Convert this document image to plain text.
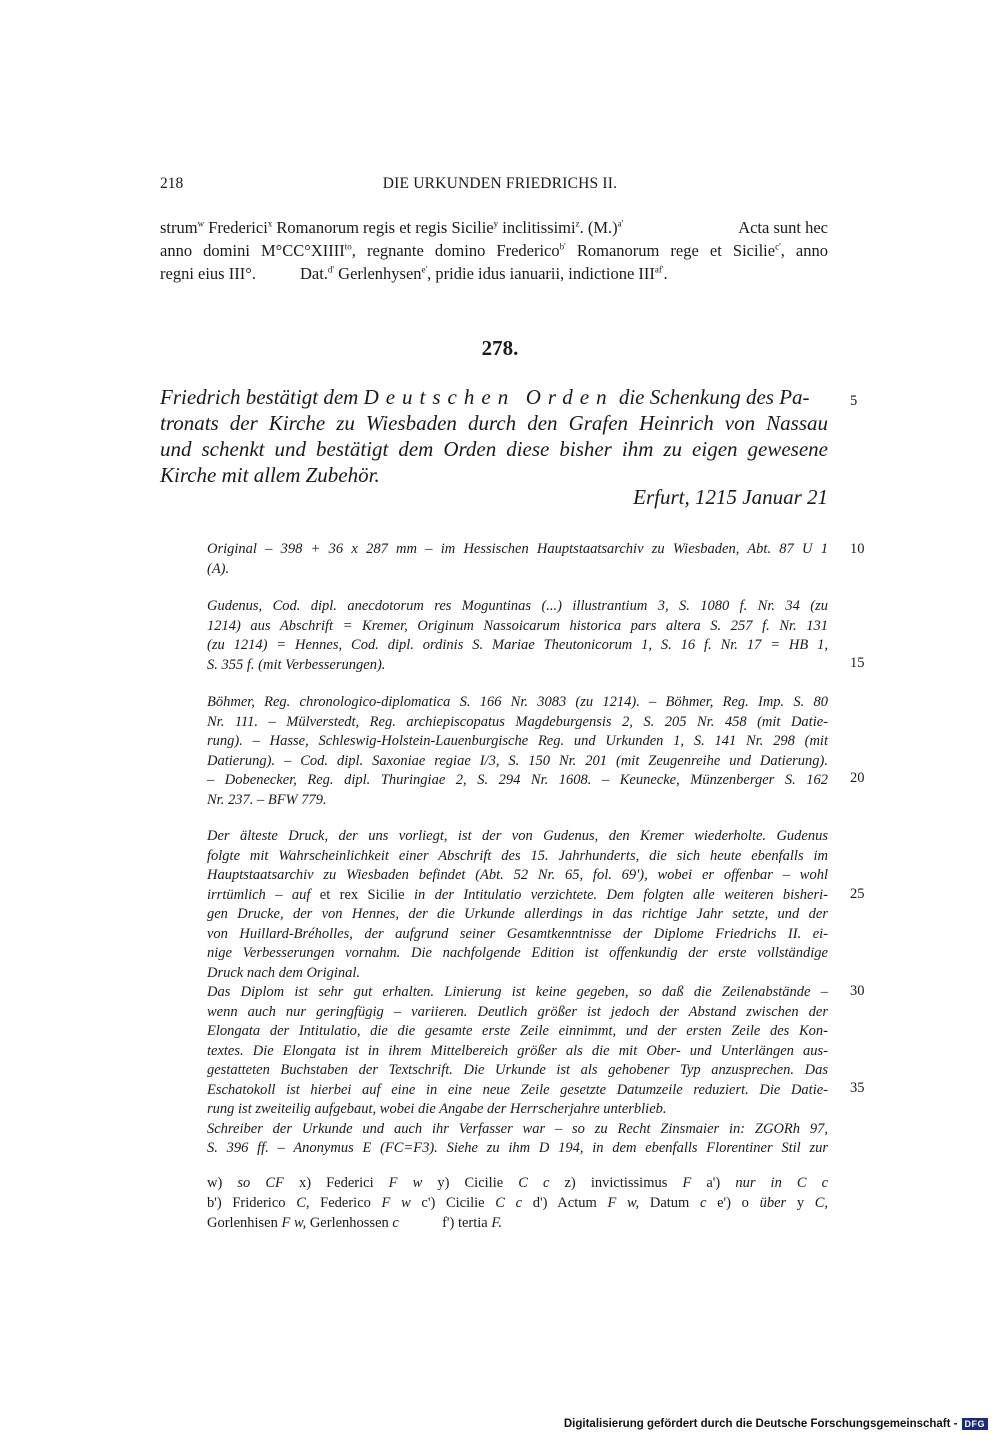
218	DIE URKUNDEN FRIEDRICHS II.
strum$^w$ Frederici$^x$ Romanorum regis et regis Sicilie$^y$ inclitissimi$^z$. $(M.)^{a'}$	Acta sunt hec
anno domini $M^\circ CC^\circ XIIII^{to}$, regnante domino Frederico$^{b'}$ Romanorum rege et Sicilie$^{c'}$, anno
regni eius III°.	Dat.$^{d'}$ Gerlenhysen$^{e'}$, pridie idus ianuarii, indictione $III^{af'}$.
278.
Friedrich bestätigt dem Deutschen Orden die Schenkung des Pa-
tronats der Kirche zu Wiesbaden durch den Grafen Heinrich von Nassau
und schenkt und bestätigt dem Orden diese bisher ihm zu eigen gewesene
Kirche mit allem Zubehör.
Erfurt, 1215 Januar 21
Original – 398 + 36 x 287 mm – im Hessischen Hauptstaatsarchiv zu Wiesbaden, Abt. 87 U 1
(A).
Gudenus, Cod. dipl. anecdotorum res Moguntinas (...) illustrantium 3, S. 1080 f. Nr. 34 (zu
1214) aus Abschrift = Kremer, Originum Nassoicarum historica pars altera S. 257 f. Nr. 131
(zu 1214) = Hennes, Cod. dipl. ordinis S. Mariae Theutonicorum 1, S. 16 f. Nr. 17 = HB 1,
S. 355 f. (mit Verbesserungen).
Böhmer, Reg. chronologico-diplomatica S. 166 Nr. 3083 (zu 1214). – Böhmer, Reg. Imp. S. 80
Nr. 111. – Mülverstedt, Reg. archiepiscopatus Magdeburgensis 2, S. 205 Nr. 458 (mit Datie-
rung). – Hasse, Schleswig-Holstein-Lauenburgische Reg. und Urkunden 1, S. 141 Nr. 298 (mit
Datierung). – Cod. dipl. Saxoniae regiae I/3, S. 150 Nr. 201 (mit Zeugenreihe und Datierung).
– Dobenecker, Reg. dipl. Thuringiae 2, S. 294 Nr. 1608. – Keunecke, Münzenberger S. 162
Nr. 237. – BFW 779.
Der älteste Druck, der uns vorliegt, ist der von Gudenus, den Kremer wiederholte. Gudenus
folgte mit Wahrscheinlichkeit einer Abschrift des 15. Jahrhunderts, die sich heute ebenfalls im
Hauptstaatsarchiv zu Wiesbaden befindet (Abt. 52 Nr. 65, fol. 69'), wobei er offenbar – wohl
irrtümlich – auf et rex Sicilie in der Intitulatio verzichtete. Dem folgten alle weiteren bisheri-
gen Drucke, der von Hennes, der die Urkunde allerdings in das richtige Jahr setzte, und der
von Huillard-Bréholles, der aufgrund seiner Gesamtkenntnisse der Diplome Friedrichs II. ei-
nige Verbesserungen vornahm. Die nachfolgende Edition ist offenkundig der erste vollständige
Druck nach dem Original.
Das Diplom ist sehr gut erhalten. Linierung ist keine gegeben, so daß die Zeilenabstände –
wenn auch nur geringfügig – variieren. Deutlich größer ist jedoch der Abstand zwischen der
Elongata der Intitulatio, die die gesamte erste Zeile einnimmt, und der ersten Zeile des Kon-
textes. Die Elongata ist in ihrem Mittelbereich größer als die mit Ober- und Unterlängen aus-
gestatteten Buchstaben der Textschrift. Die Urkunde ist als gehobener Typ anzusprechen. Das
Eschatokoll ist hierbei auf eine in eine neue Zeile gesetzte Datumzeile reduziert. Die Datie-
rung ist zweiteilig aufgebaut, wobei die Angabe der Herrscherjahre unterblieb.
Schreiber der Urkunde und auch ihr Verfasser war – so zu Recht Zinsmaier in: ZGORh 97,
S. 396 ff. – Anonymus E (FC=F3). Siehe zu ihm D 194, in dem ebenfalls Florentiner Stil zur
5
10
15
20
25
30
35
w) so CF x) Federici F w y) Cicilie C c z) invictissimus F a') nur in C c
b') Friderico C, Federico F w c') Cicilie C c d') Actum F w, Datum c e') o über y C,
Gorlenhisen F w, Gerlenhossen c	f') tertia F.
Digitalisierung gefördert durch die Deutsche Forschungsgemeinschaft - DFG
